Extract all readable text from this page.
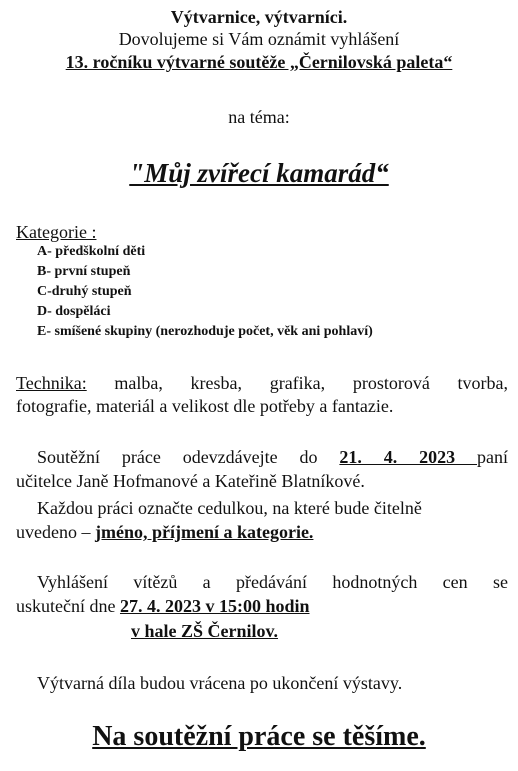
Výtvarnice, výtvarníci.
Dovolujeme si Vám oznámit vyhlášení
13. ročníku výtvarné soutěže „Černilovská paleta“
na téma:
"Můj zvířecí kamarád“
Kategorie :
A- předškolní děti
B- první stupeň
C-druhý stupeň
D- dospěláci
E- smíšené skupiny (nerozhoduje počet, věk ani pohlaví)
Technika: malba, kresba, grafika, prostorová tvorba,
fotografie, materiál a velikost dle potřeby a fantazie.
Soutěžní práce odevzdávejte do 21. 4. 2023 paní
učitelce Janě Hofmanové a Kateřině Blatníkové.
Každou práci označte cedulkou, na které bude čitelně
uvedeno – jméno, příjmení a kategorie.
Vyhlášení vítězů a předávání hodnotných cen se
uskuteční dne 27. 4. 2023 v 15:00 hodin
v hale ZŠ Černilov.
Výtvarná díla budou vrácena po ukončení výstavy.
Na soutěžní práce se těšíme.
